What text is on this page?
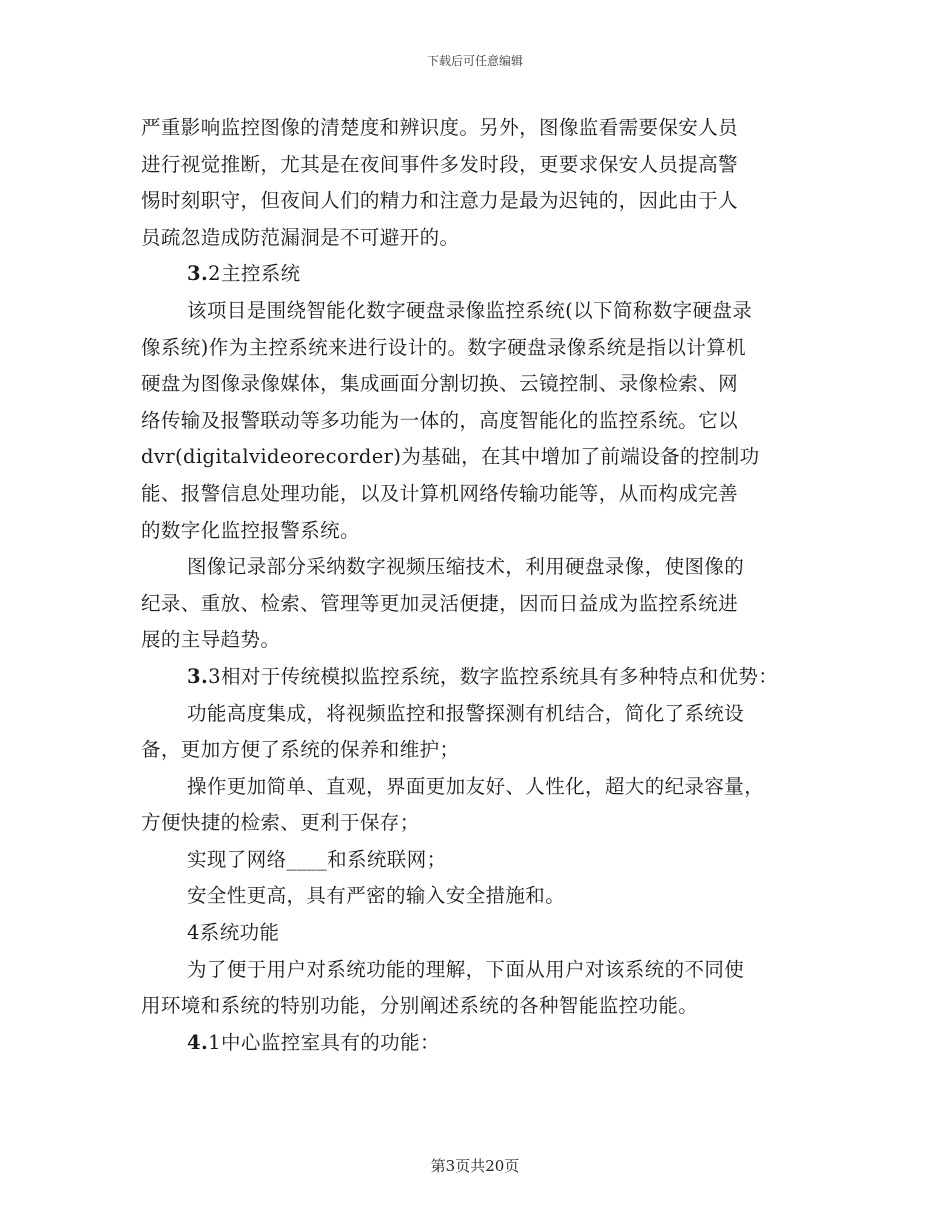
下载后可任意编辑
严重影响监控图像的清楚度和辨识度。另外，图像监看需要保安人员
进行视觉推断，尤其是在夜间事件多发时段，更要求保安人员提高警
惕时刻职守，但夜间人们的精力和注意力是最为迟钝的，因此由于人
员疏忽造成防范漏洞是不可避开的。
3.2主控系统
该项目是围绕智能化数字硬盘录像监控系统(以下简称数字硬盘录
像系统)作为主控系统来进行设计的。数字硬盘录像系统是指以计算机
硬盘为图像录像媒体，集成画面分割切换、云镜控制、录像检索、网
络传输及报警联动等多功能为一体的，高度智能化的监控系统。它以
dvr(digitalvideorecorder)为基础，在其中增加了前端设备的控制功
能、报警信息处理功能，以及计算机网络传输功能等，从而构成完善
的数字化监控报警系统。
图像记录部分采纳数字视频压缩技术，利用硬盘录像，使图像的
纪录、重放、检索、管理等更加灵活便捷，因而日益成为监控系统进
展的主导趋势。
3.3相对于传统模拟监控系统，数字监控系统具有多种特点和优势：
功能高度集成，将视频监控和报警探测有机结合，简化了系统设
备，更加方便了系统的保养和维护；
操作更加简单、直观，界面更加友好、人性化，超大的纪录容量，
方便快捷的检索、更利于保存；
实现了网络____和系统联网；
安全性更高，具有严密的输入安全措施和。
4系统功能
为了便于用户对系统功能的理解，下面从用户对该系统的不同使
用环境和系统的特别功能，分别阐述系统的各种智能监控功能。
4.1中心监控室具有的功能：
第3页共20页
